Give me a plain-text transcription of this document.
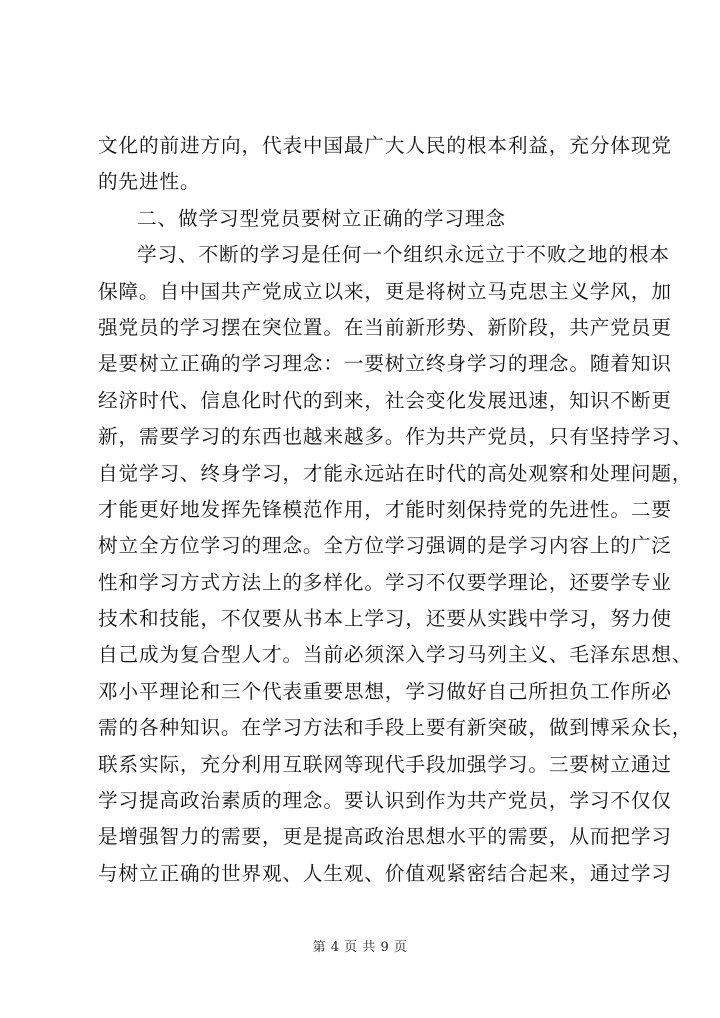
文化的前进方向，代表中国最广大人民的根本利益，充分体现党
的先进性。
二、做学习型党员要树立正确的学习理念
学习、不断的学习是任何一个组织永远立于不败之地的根本
保障。自中国共产党成立以来，更是将树立马克思主义学风，加
强党员的学习摆在突位置。在当前新形势、新阶段，共产党员更
是要树立正确的学习理念：一要树立终身学习的理念。随着知识
经济时代、信息化时代的到来，社会变化发展迅速，知识不断更
新，需要学习的东西也越来越多。作为共产党员，只有坚持学习、
自觉学习、终身学习，才能永远站在时代的高处观察和处理问题，
才能更好地发挥先锋模范作用，才能时刻保持党的先进性。二要
树立全方位学习的理念。全方位学习强调的是学习内容上的广泛
性和学习方式方法上的多样化。学习不仅要学理论，还要学专业
技术和技能，不仅要从书本上学习，还要从实践中学习，努力使
自己成为复合型人才。当前必须深入学习马列主义、毛泽东思想、
邓小平理论和三个代表重要思想，学习做好自己所担负工作所必
需的各种知识。在学习方法和手段上要有新突破，做到博采众长，
联系实际，充分利用互联网等现代手段加强学习。三要树立通过
学习提高政治素质的理念。要认识到作为共产党员，学习不仅仅
是增强智力的需要，更是提高政治思想水平的需要，从而把学习
与树立正确的世界观、人生观、价值观紧密结合起来，通过学习
第 4 页 共 9 页
